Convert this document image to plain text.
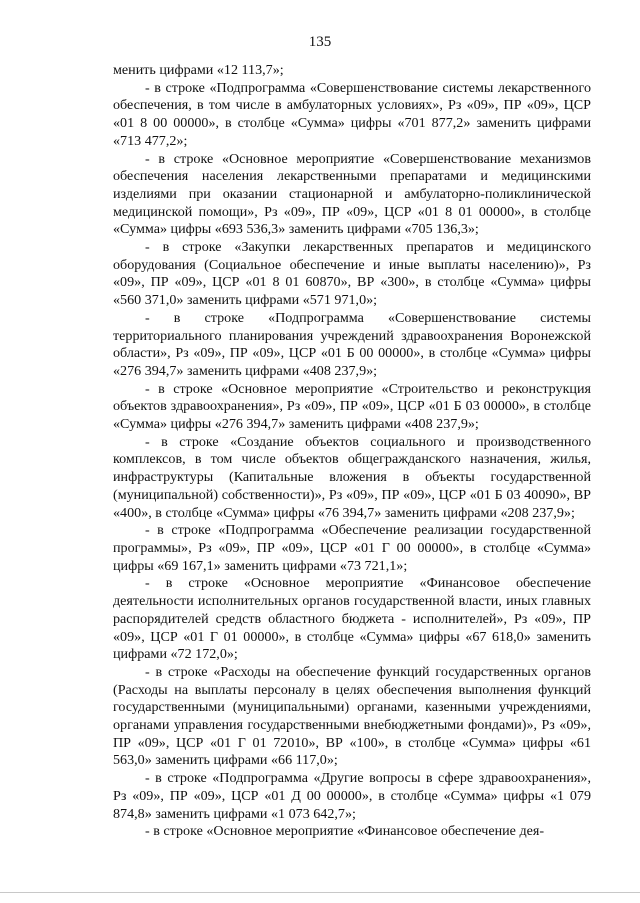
135

менить цифрами «12 113,7»;

- в строке «Подпрограмма «Совершенствование системы лекарственного обеспечения, в том числе в амбулаторных условиях», Рз «09», ПР «09», ЦСР «01 8 00 00000», в столбце «Сумма» цифры «701 877,2» заменить цифрами «713 477,2»;

- в строке «Основное мероприятие «Совершенствование механизмов обеспечения населения лекарственными препаратами и медицинскими изделиями при оказании стационарной и амбулаторно-поликлинической медицинской помощи», Рз «09», ПР «09», ЦСР «01 8 01 00000», в столбце «Сумма» цифры «693 536,3» заменить цифрами «705 136,3»;

- в строке «Закупки лекарственных препаратов и медицинского оборудования (Социальное обеспечение и иные выплаты населению)», Рз «09», ПР «09», ЦСР «01 8 01 60870», ВР «300», в столбце «Сумма» цифры «560 371,0» заменить цифрами «571 971,0»;

- в строке «Подпрограмма «Совершенствование системы территориального планирования учреждений здравоохранения Воронежской области», Рз «09», ПР «09», ЦСР «01 Б 00 00000», в столбце «Сумма» цифры «276 394,7» заменить цифрами «408 237,9»;

- в строке «Основное мероприятие «Строительство и реконструкция объектов здравоохранения», Рз «09», ПР «09», ЦСР «01 Б 03 00000», в столбце «Сумма» цифры «276 394,7» заменить цифрами «408 237,9»;

- в строке «Создание объектов социального и производственного комплексов, в том числе объектов общегражданского назначения, жилья, инфраструктуры (Капитальные вложения в объекты государственной (муниципальной) собственности)», Рз «09», ПР «09», ЦСР «01 Б 03 40090», ВР «400», в столбце «Сумма» цифры «76 394,7» заменить цифрами «208 237,9»;

- в строке «Подпрограмма «Обеспечение реализации государственной программы», Рз «09», ПР «09», ЦСР «01 Г 00 00000», в столбце «Сумма» цифры «69 167,1» заменить цифрами «73 721,1»;

- в строке «Основное мероприятие «Финансовое обеспечение деятельности исполнительных органов государственной власти, иных главных распорядителей средств областного бюджета - исполнителей», Рз «09», ПР «09», ЦСР «01 Г 01 00000», в столбце «Сумма» цифры «67 618,0» заменить цифрами «72 172,0»;

- в строке «Расходы на обеспечение функций государственных органов (Расходы на выплаты персоналу в целях обеспечения выполнения функций государственными (муниципальными) органами, казенными учреждениями, органами управления государственными внебюджетными фондами)», Рз «09», ПР «09», ЦСР «01 Г 01 72010», ВР «100», в столбце «Сумма» цифры «61 563,0» заменить цифрами «66 117,0»;

- в строке «Подпрограмма «Другие вопросы в сфере здравоохранения», Рз «09», ПР «09», ЦСР «01 Д 00 00000», в столбце «Сумма» цифры «1 079 874,8» заменить цифрами «1 073 642,7»;

- в строке «Основное мероприятие «Финансовое обеспечение дея-
